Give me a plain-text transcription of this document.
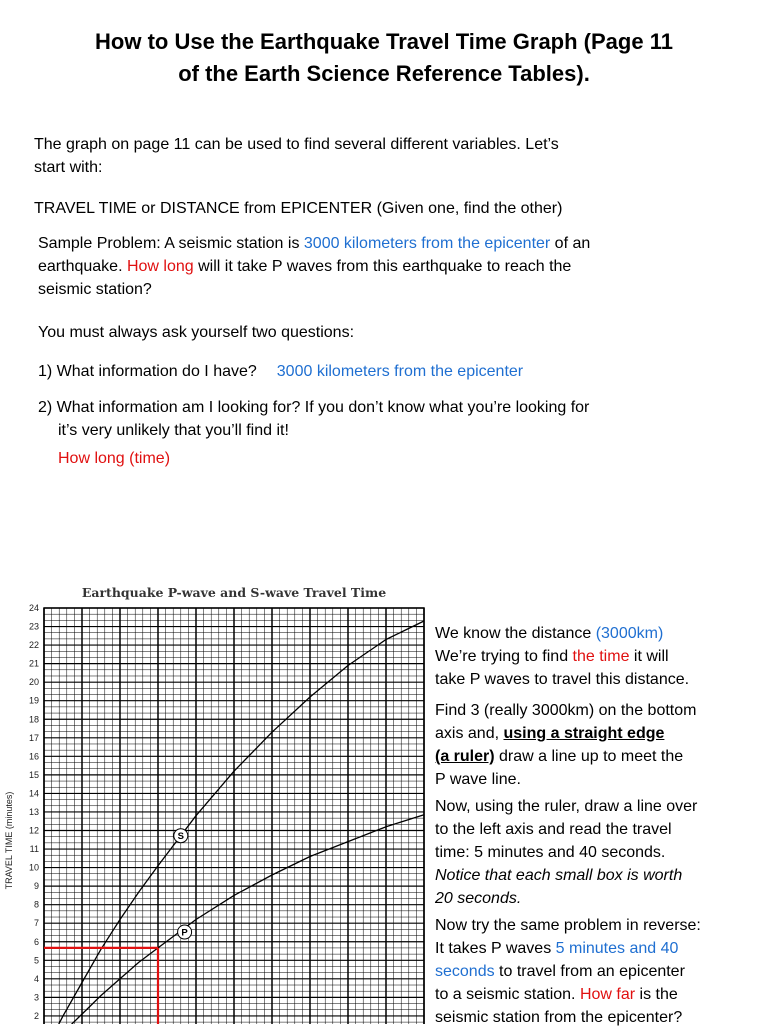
How to Use the Earthquake Travel Time Graph (Page 11
of the Earth Science Reference Tables).
The graph on page 11 can be used to find several different variables. Let’s
start with:
TRAVEL TIME or DISTANCE from EPICENTER (Given one, find the other)
Sample Problem: A seismic station is 3000 kilometers from the epicenter of an
earthquake. How long will it take P waves from this earthquake to reach the
seismic station?
You must always ask yourself two questions:
1) What information do I have? 3000 kilometers from the epicenter
2) What information am I looking for? If you don’t know what you’re looking for
it’s very unlikely that you’ll find it!
How long (time)
Earthquake P-wave and S-wave Travel Time
2
3
4
5
6
7
8
9
10
11
12
13
14
15
16
17
18
19
20
21
22
23
24
TRAVEL TIME (minutes)
P
S
We know the distance (3000km)
We’re trying to find the time it will
take P waves to travel this distance.
Find 3 (really 3000km) on the bottom
axis and, using a straight edge
(a ruler) draw a line up to meet the
P wave line.
Now, using the ruler, draw a line over
to the left axis and read the travel
time: 5 minutes and 40 seconds.
Notice that each small box is worth
20 seconds.
Now try the same problem in reverse:
It takes P waves 5 minutes and 40
seconds to travel from an epicenter
to a seismic station. How far is the
seismic station from the epicenter?
